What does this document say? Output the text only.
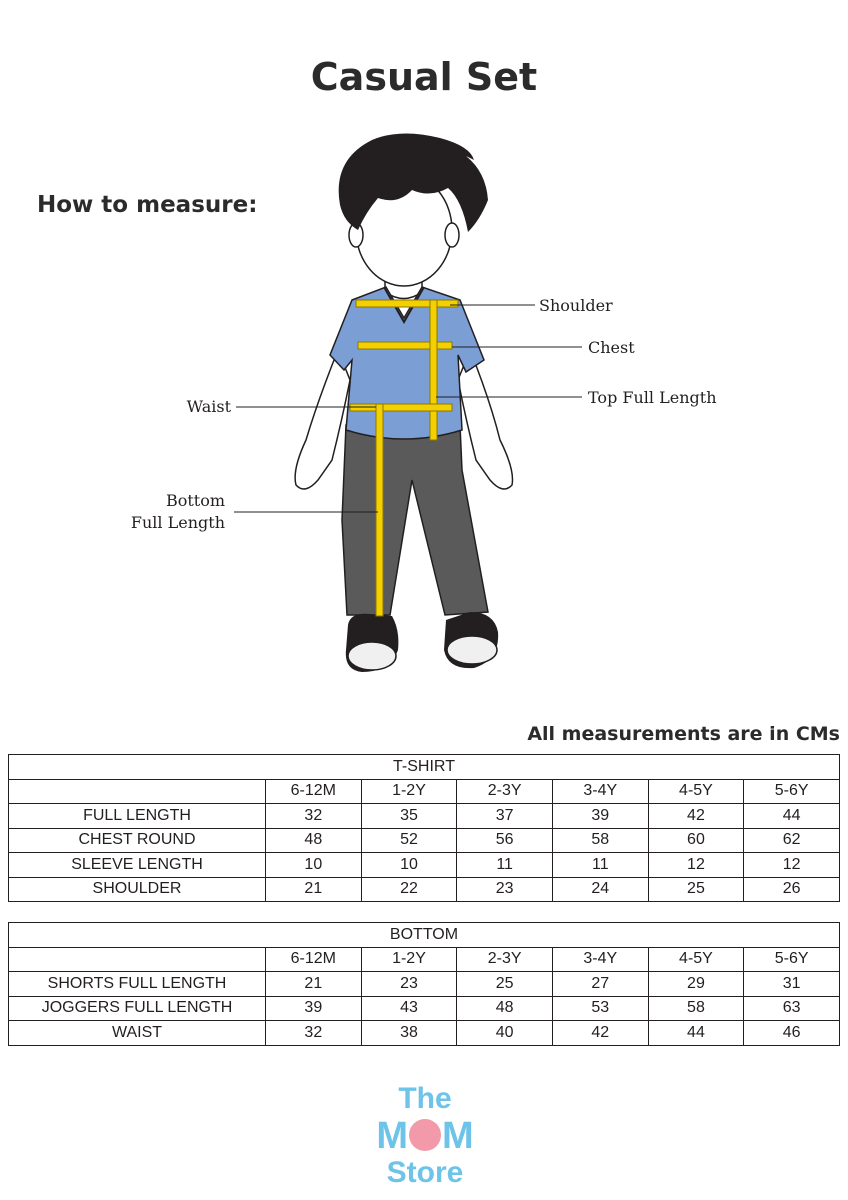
Casual Set
How to measure:
Shoulder
Chest
Top Full Length
Waist
Bottom
Full Length
All measurements are in CMs
T-SHIRT						
	6-12M	1-2Y	2-3Y	3-4Y	4-5Y	5-6Y
FULL LENGTH	32	35	37	39	42	44
CHEST ROUND	48	52	56	58	60	62
SLEEVE LENGTH	10	10	11	11	12	12
SHOULDER	21	22	23	24	25	26
BOTTOM						
	6-12M	1-2Y	2-3Y	3-4Y	4-5Y	5-6Y
SHORTS FULL LENGTH	21	23	25	27	29	31
JOGGERS FULL LENGTH	39	43	48	53	58	63
WAIST	32	38	40	42	44	46
The
M M
Store
